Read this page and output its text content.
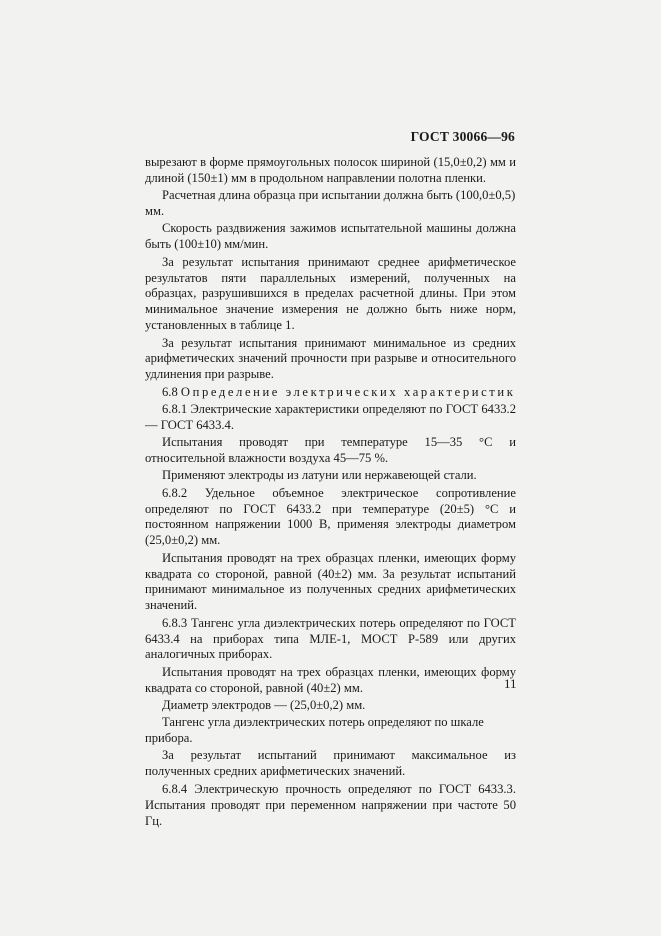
ГОСТ 30066—96

вырезают в форме прямоугольных полосок шириной (15,0±0,2) мм и длиной (150±1) мм в продольном направлении полотна пленки.

Расчетная длина образца при испытании должна быть (100,0±0,5) мм.

Скорость раздвижения зажимов испытательной машины должна быть (100±10) мм/мин.

За результат испытания принимают среднее арифметическое результатов пяти параллельных измерений, полученных на образцах, разрушившихся в пределах расчетной длины. При этом минимальное значение измерения не должно быть ниже норм, установленных в таблице 1.

За результат испытания принимают минимальное из средних арифметических значений прочности при разрыве и относительного удлинения при разрыве.

6.8 Определение электрических характеристик

6.8.1 Электрические характеристики определяют по ГОСТ 6433.2 — ГОСТ 6433.4.

Испытания проводят при температуре 15—35 °С и относительной влажности воздуха 45—75 %.

Применяют электроды из латуни или нержавеющей стали.

6.8.2 Удельное объемное электрическое сопротивление определяют по ГОСТ 6433.2 при температуре (20±5) °С и постоянном напряжении 1000 В, применяя электроды диаметром (25,0±0,2) мм.

Испытания проводят на трех образцах пленки, имеющих форму квадрата со стороной, равной (40±2) мм. За результат испытаний принимают минимальное из полученных средних арифметических значений.

6.8.3 Тангенс угла диэлектрических потерь определяют по ГОСТ 6433.4 на приборах типа МЛЕ-1, МОСТ Р-589 или других аналогичных приборах.

Испытания проводят на трех образцах пленки, имеющих форму квадрата со стороной, равной (40±2) мм.

Диаметр электродов — (25,0±0,2) мм.

Тангенс угла диэлектрических потерь определяют по шкале прибора.

За результат испытаний принимают максимальное из полученных средних арифметических значений.

6.8.4 Электрическую прочность определяют по ГОСТ 6433.3. Испытания проводят при переменном напряжении при частоте 50 Гц.

11
